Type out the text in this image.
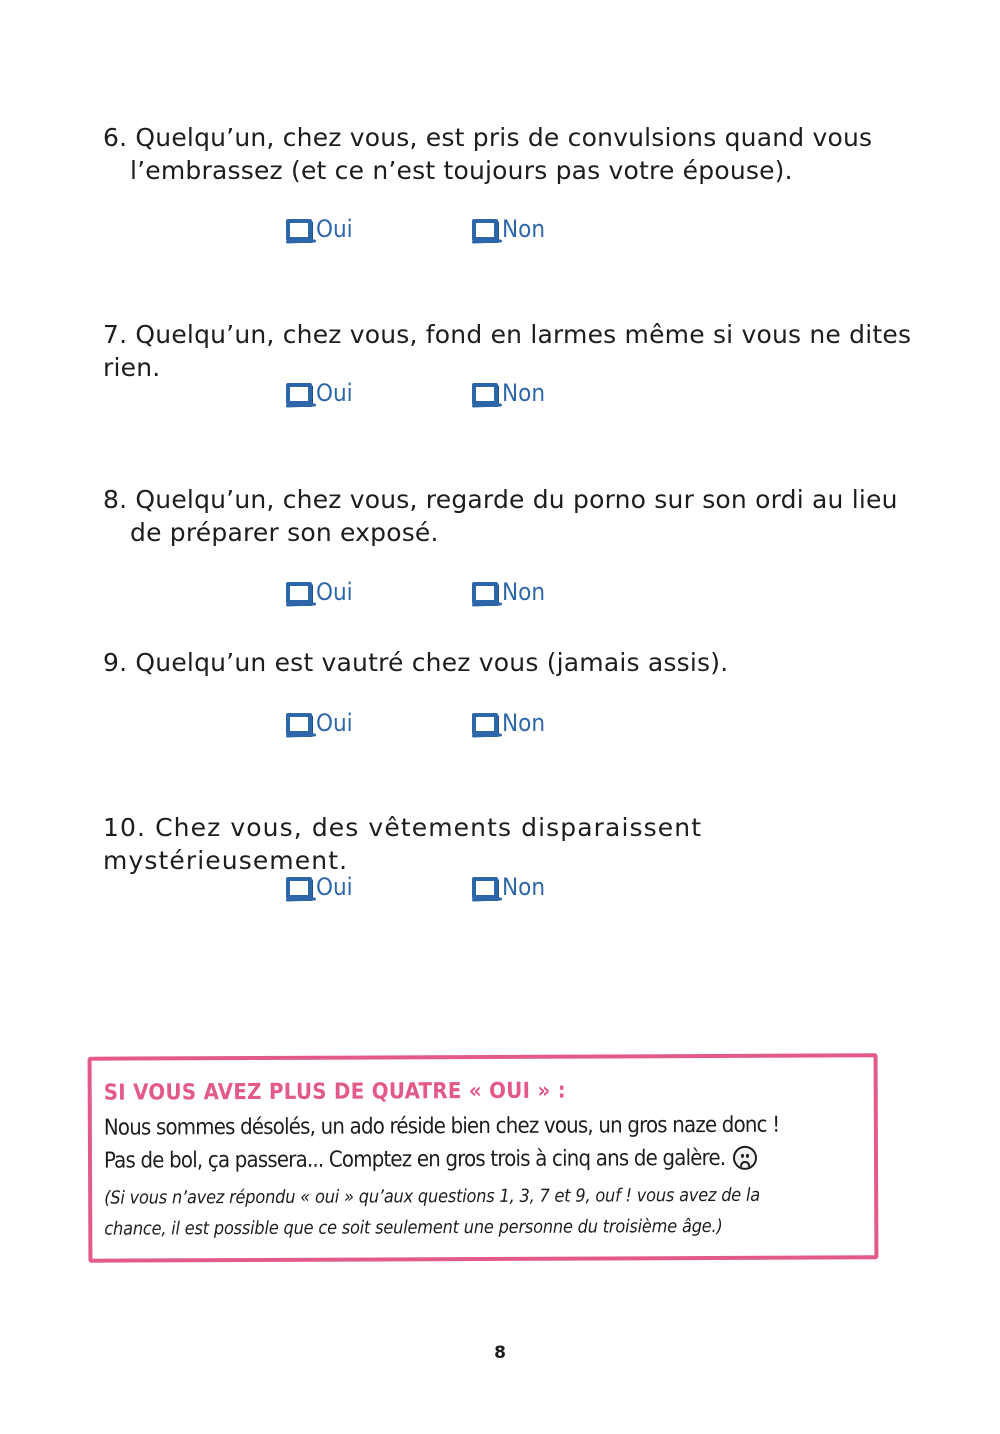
6. Quelqu’un, chez vous, est pris de convulsions quand vous
l’embrassez (et ce n’est toujours pas votre épouse).
Oui	Non
7. Quelqu’un, chez vous, fond en larmes même si vous ne dites rien.
Oui	Non
8. Quelqu’un, chez vous, regarde du porno sur son ordi au lieu
de préparer son exposé.
Oui	Non
9. Quelqu’un est vautré chez vous (jamais assis).
Oui	Non
10. Chez vous, des vêtements disparaissent mystérieusement.
Oui	Non
SI VOUS AVEZ PLUS DE QUATRE « OUI » :
Nous sommes désolés, un ado réside bien chez vous, un gros naze donc !
Pas de bol, ça passera... Comptez en gros trois à cinq ans de galère.
(Si vous n’avez répondu « oui » qu’aux questions 1, 3, 7 et 9, ouf ! vous avez de la
chance, il est possible que ce soit seulement une personne du troisième âge.)
8
